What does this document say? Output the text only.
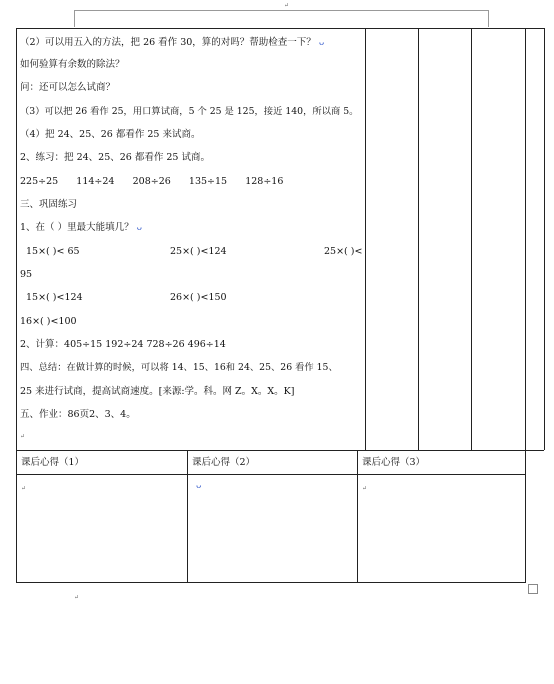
↵
（2）可以用五入的方法，把 26 看作 30，算的对吗？帮助检查一下？ ᴗ
如何验算有余数的除法？
问：还可以怎么试商？
（3）可以把 26 看作 25，用口算试商，5 个 25 是 125，接近 140，所以商 5。
（4）把 24、25、26 都看作 25 来试商。
2、练习：把 24、25、26 都看作 25 试商。
225÷25      114÷24      208÷26      135÷15      128÷16
三、巩固练习
1、在（ ）里最大能填几？ ᴗ
15×( )< 65	25×( )<124	25×( )<
95
15×( )<124	26×( )<150
16×( )<100
2、计算：405÷15 192÷24 728÷26 496÷14
四、总结：在做计算的时候，可以将 14、15、16和 24、25、26 看作 15、
25 来进行试商，提高试商速度。[来源:学。科。网 Z。X。X。K]
五、作业：86页2、3、4。
↵
课后心得（1）	课后心得（2）	课后心得（3）
↵	ᴗ	↵
↵
